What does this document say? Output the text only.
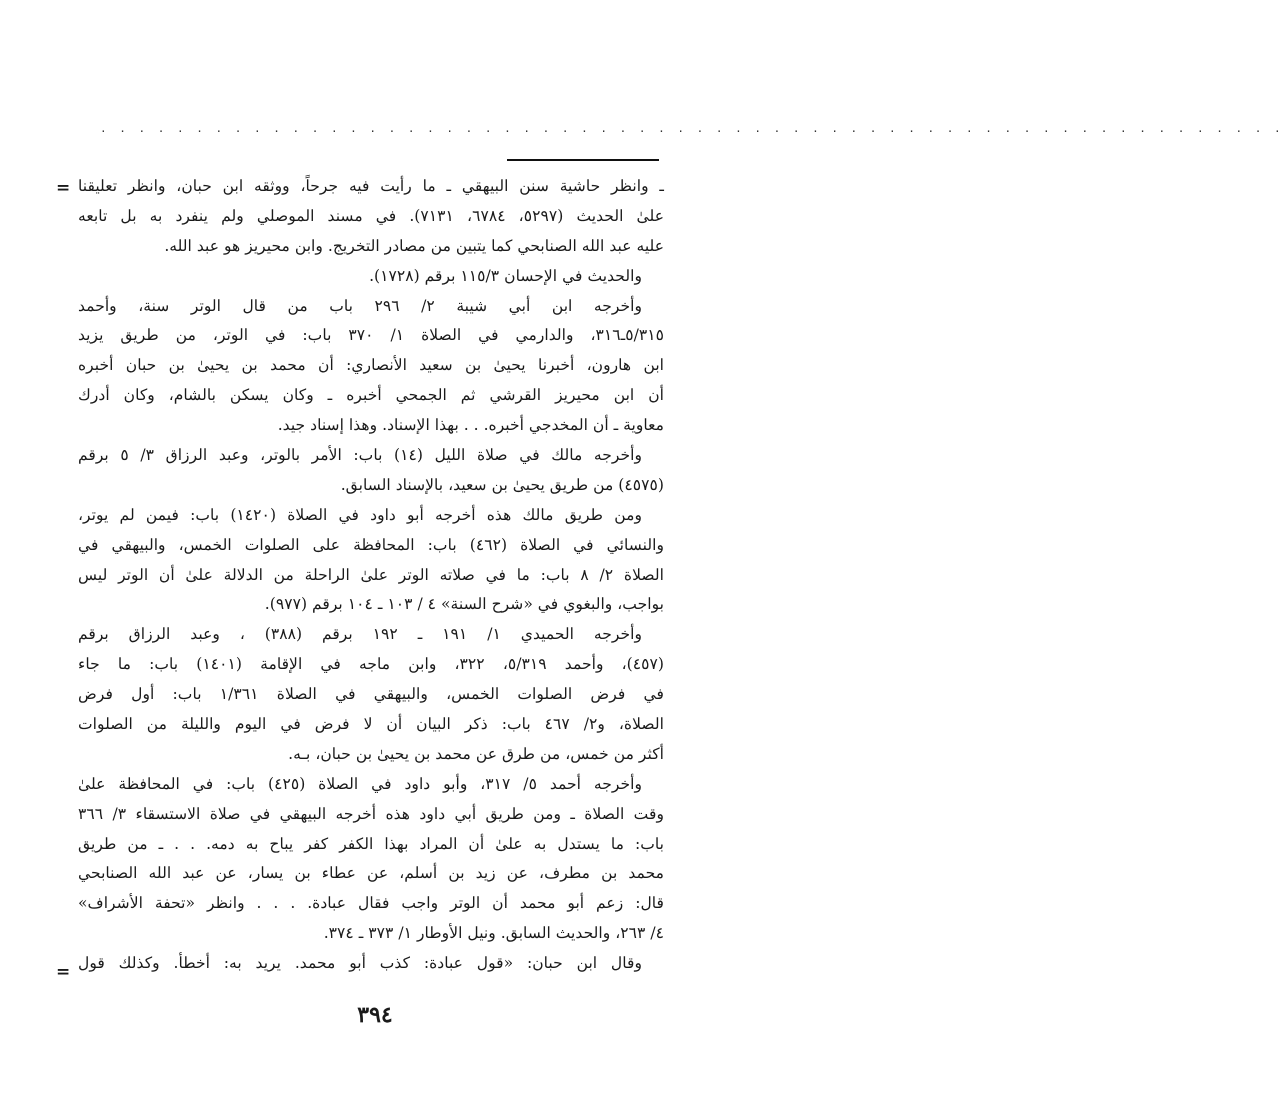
. . . . . . . . . . . . . . . . . . . . . . . . . . . . . . . . . . . . . . . . . . . . . . . . . . . . . . . . . . . . . .
= ـ وانظر حاشية سنن البيهقي ـ ما رأيت فيه جرحاً، ووثقه ابن حبان، وانظر تعليقنا
علىٰ الحديث (٥٢٩٧، ٦٧٨٤، ٧١٣١). في مسند الموصلي ولم ينفرد به بل تابعه
عليه عبد الله الصنابحي كما يتبين من مصادر التخريج. وابن محيريز هو عبد الله.
والحديث في الإحسان ١١٥/٣ برقم (١٧٢٨).
وأخرجه ابن أبي شيبة ٢/ ٢٩٦ باب من قال الوتر سنة، وأحمد
٥/٣١٥ـ٣١٦، والدارمي في الصلاة ١/ ٣٧٠ باب: في الوتر، من طريق يزيد
ابن هارون، أخبرنا يحيىٰ بن سعيد الأنصاري: أن محمد بن يحيىٰ بن حبان أخبره
أن ابن محيريز القرشي ثم الجمحي أخبره ـ وكان يسكن بالشام، وكان أدرك
معاوية ـ أن المخدجي أخبره. . . بهذا الإسناد. وهذا إسناد جيد.
وأخرجه مالك في صلاة الليل (١٤) باب: الأمر بالوتر، وعبد الرزاق ٣/ ٥ برقم
(٤٥٧٥) من طريق يحيىٰ بن سعيد، بالإسناد السابق.
ومن طريق مالك هذه أخرجه أبو داود في الصلاة (١٤٢٠) باب: فيمن لم يوتر،
والنسائي في الصلاة (٤٦٢) باب: المحافظة على الصلوات الخمس، والبيهقي في
الصلاة ٢/ ٨ باب: ما في صلاته الوتر علىٰ الراحلة من الدلالة علىٰ أن الوتر ليس
بواجب، والبغوي في «شرح السنة» ٤ / ١٠٣ ـ ١٠٤ برقم (٩٧٧).
وأخرجه الحميدي ١/ ١٩١ ـ ١٩٢ برقم (٣٨٨) ، وعبد الرزاق برقم
(٤٥٧)، وأحمد ٥/٣١٩، ٣٢٢، وابن ماجه في الإقامة (١٤٠١) باب: ما جاء
في فرض الصلوات الخمس، والبيهقي في الصلاة ١/٣٦١ باب: أول فرض
الصلاة، و٢/ ٤٦٧ باب: ذكر البيان أن لا فرض في اليوم والليلة من الصلوات
أكثر من خمس، من طرق عن محمد بن يحيىٰ بن حبان، بـه.
وأخرجه أحمد ٥/ ٣١٧، وأبو داود في الصلاة (٤٢٥) باب: في المحافظة علىٰ
وقت الصلاة ـ ومن طريق أبي داود هذه أخرجه البيهقي في صلاة الاستسقاء ٣/ ٣٦٦
باب: ما يستدل به علىٰ أن المراد بهذا الكفر كفر يباح به دمه. . . ـ من طريق
محمد بن مطرف، عن زيد بن أسلم، عن عطاء بن يسار، عن عبد الله الصنابحي
قال: زعم أبو محمد أن الوتر واجب فقال عبادة. . . . وانظر «تحفة الأشراف»
٤/ ٢٦٣، والحديث السابق. ونيل الأوطار ١/ ٣٧٣ ـ ٣٧٤.
وقال ابن حبان: «قول عبادة: كذب أبو محمد. يريد به: أخطأ. وكذلك قول
=
٣٩٤
